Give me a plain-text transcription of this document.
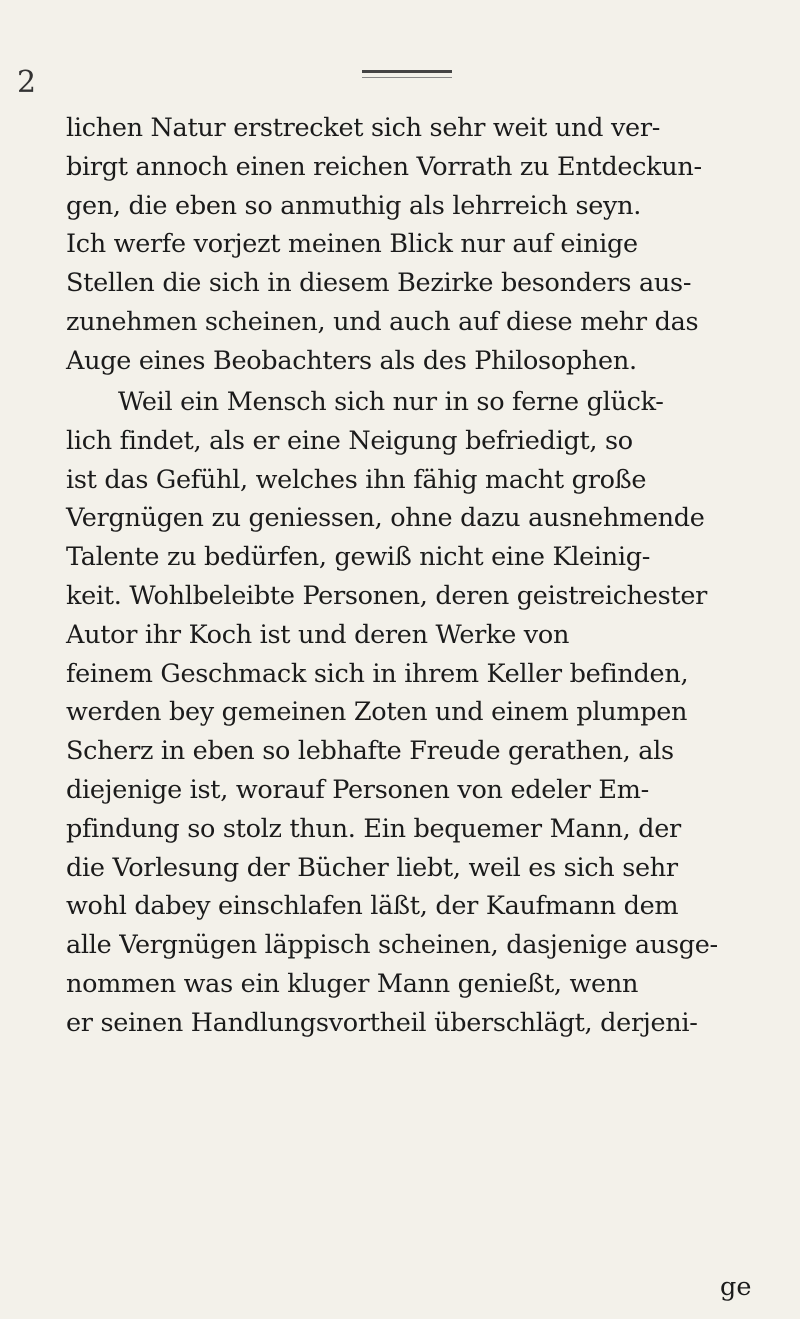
2
lichen Natur erstrecket sich sehr weit und ver-
birgt annoch einen reichen Vorrath zu Entdeckun-
gen, die eben so anmuthig als lehrreich seyn.
Ich werfe vorjezt meinen Blick nur auf einige
Stellen die sich in diesem Bezirke besonders aus-
zunehmen scheinen, und auch auf diese mehr das
Auge eines Beobachters als des Philosophen.
Weil ein Mensch sich nur in so ferne glück-
lich findet, als er eine Neigung befriedigt, so
ist das Gefühl, welches ihn fähig macht große
Vergnügen zu geniessen, ohne dazu ausnehmende
Talente zu bedürfen, gewiß nicht eine Kleinig-
keit. Wohlbeleibte Personen, deren geistreichester
Autor ihr Koch ist und deren Werke von
feinem Geschmack sich in ihrem Keller befinden,
werden bey gemeinen Zoten und einem plumpen
Scherz in eben so lebhafte Freude gerathen, als
diejenige ist, worauf Personen von edeler Em-
pfindung so stolz thun. Ein bequemer Mann, der
die Vorlesung der Bücher liebt, weil es sich sehr
wohl dabey einschlafen läßt, der Kaufmann dem
alle Vergnügen läppisch scheinen, dasjenige ausge-
nommen was ein kluger Mann genießt, wenn
er seinen Handlungsvortheil überschlägt, derjeni-
ge
